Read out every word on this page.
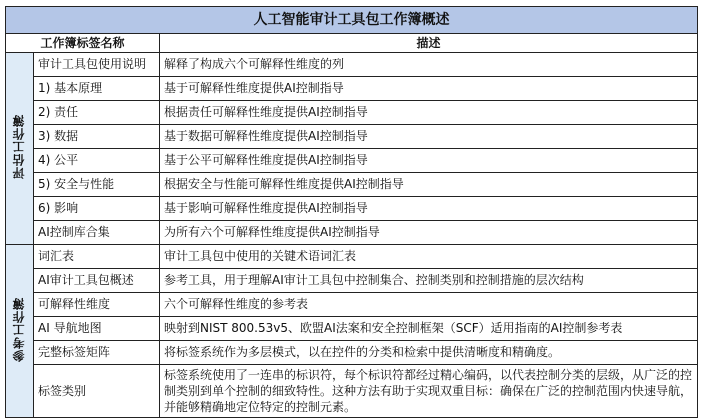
人工智能审计工具包工作簿概述		
工作簿标签名称		描述
评估工作簿	审计工具包使用说明	解释了构成六个可解释性维度的列
	1) 基本原理	基于可解释性维度提供AI控制指导
	2) 责任	根据责任可解释性维度提供AI控制指导
	3) 数据	基于数据可解释性维度提供AI控制指导
	4) 公平	基于公平可解释性维度提供AI控制指导
	5) 安全与性能	根据安全与性能可解释性维度提供AI控制指导
	6) 影响	基于影响可解释性维度提供AI控制指导
	AI控制库合集	为所有六个可解释性维度提供AI控制指导
参考工作簿	词汇表	审计工具包中使用的关键术语词汇表
	AI审计工具包概述	参考工具，用于理解AI审计工具包中控制集合、控制类别和控制措施的层次结构
	可解释性维度	六个可解释性维度的参考表
	AI 导航地图	映射到NIST 800.53v5、欧盟AI法案和安全控制框架（SCF）适用指南的AI控制参考表
	完整标签矩阵	将标签系统作为多层模式，以在控件的分类和检索中提供清晰度和精确度。
	标签类别	标签系统使用了一连串的标识符，每个标识符都经过精心编码，以代表控制分类的层级，从广泛的控制类别到单个控制的细致特性。这种方法有助于实现双重目标：确保在广泛的控制范围内快速导航，并能够精确地定位特定的控制元素。
